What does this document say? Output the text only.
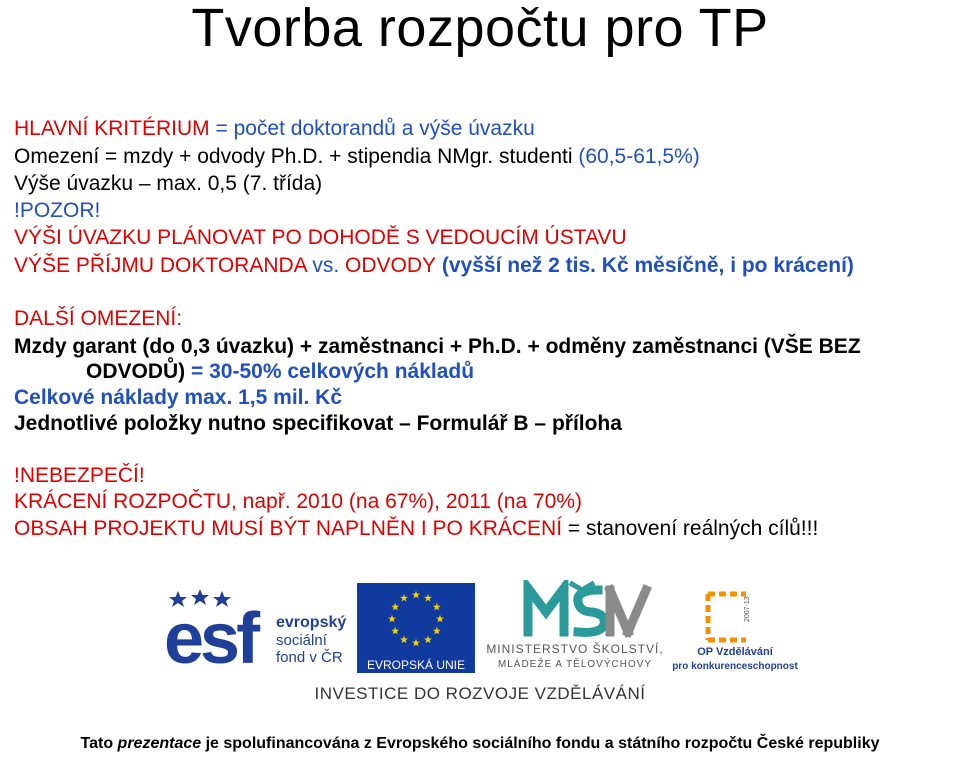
Tvorba rozpočtu pro TP
HLAVNÍ KRITÉRIUM = počet doktorandů a výše úvazku
Omezení = mzdy + odvody Ph.D. + stipendia NMgr. studenti (60,5-61,5%)
Výše úvazku – max. 0,5 (7. třída)
!POZOR!
VÝŠI ÚVAZKU PLÁNOVAT PO DOHODĚ S VEDOUCÍM ÚSTAVU
VÝŠE PŘÍJMU DOKTORANDA vs. ODVODY (vyšší než 2 tis. Kč měsíčně, i po krácení)
DALŠÍ OMEZENÍ:
Mzdy garant (do 0,3 úvazku) + zaměstnanci + Ph.D. + odměny zaměstnanci (VŠE BEZ
ODVODŮ) = 30-50% celkových nákladů
Celkové náklady max. 1,5 mil. Kč
Jednotlivé položky nutno specifikovat – Formulář B – příloha
!NEBEZPEČÍ!
KRÁCENÍ ROZPOČTU, např. 2010 (na 67%), 2011 (na 70%)
OBSAH PROJEKTU MUSÍ BÝT NAPLNĚN I PO KRÁCENÍ = stanovení reálných cílů!!!
esf	evropský
sociální
fond v ČR EVROPSKÁ UNIE
MINISTERSTVO ŠKOLSTVÍ,
MLÁDEŽE A TĚLOVÝCHOVY
2007-13
OP Vzdělávání
pro konkurenceschopnost
INVESTICE DO ROZVOJE VZDĚLÁVÁNÍ
Tato prezentace je spolufinancována z Evropského sociálního fondu a státního rozpočtu České republiky
